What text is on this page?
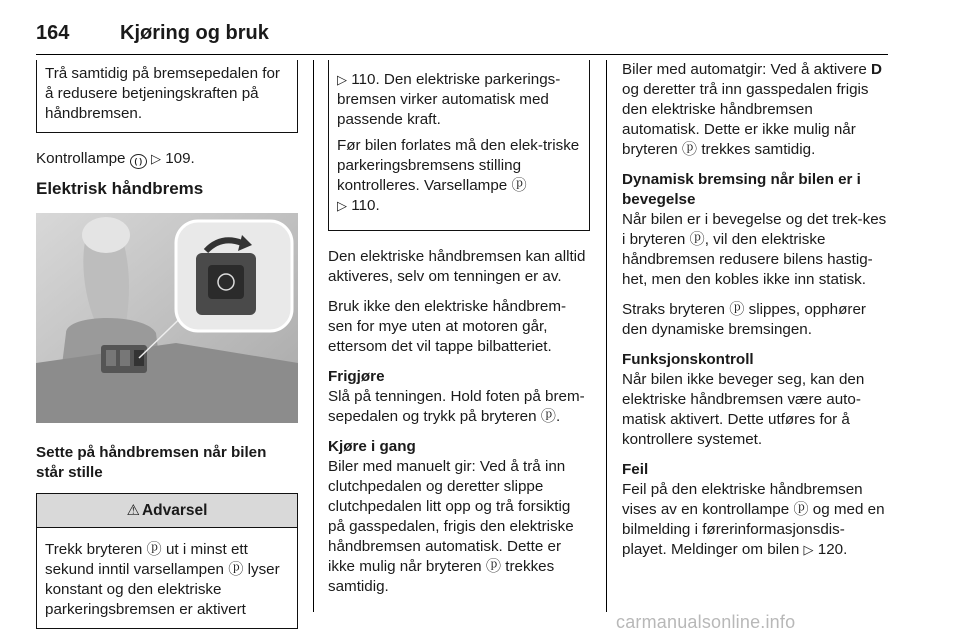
164	Kjøring og bruk
Trå samtidig på bremsepedalen for å redusere betjeningskraften på håndbremsen.

Kontrollampe ( ) ▷ 109.

Elektrisk håndbrems
Sette på håndbremsen når bilen står stille
⚠ Advarsel
Trekk bryteren ⓟ ut i minst ett sekund inntil varsellampen ⓟ lyser konstant og den elektriske parkeringsbremsen er aktivert

▷ 110. Den elektriske parkerings-bremsen virker automatisk med passende kraft.

Før bilen forlates må den elek-triske parkeringsbremsens stilling kontrolleres. Varsellampe ⓟ
▷ 110.

Den elektriske håndbremsen kan alltid aktiveres, selv om tenningen er av.

Bruk ikke den elektriske håndbrem-sen for mye uten at motoren går, ettersom det vil tappe bilbatteriet.

Frigjøre

Slå på tenningen. Hold foten på brem-sepedalen og trykk på bryteren ⓟ.

Kjøre i gang

Biler med manuelt gir: Ved å trå inn clutchpedalen og deretter slippe clutchpedalen litt opp og trå forsiktig på gasspedalen, frigis den elektriske håndbremsen automatisk. Dette er ikke mulig når bryteren ⓟ trekkes samtidig.

Biler med automatgir: Ved å aktivere D og deretter trå inn gasspedalen frigis den elektriske håndbremsen automatisk. Dette er ikke mulig når bryteren ⓟ trekkes samtidig.

Dynamisk bremsing når bilen er i bevegelse

Når bilen er i bevegelse og det trek-kes i bryteren ⓟ, vil den elektriske håndbremsen redusere bilens hastig-het, men den kobles ikke inn statisk.

Straks bryteren ⓟ slippes, opphører den dynamiske bremsingen.

Funksjonskontroll

Når bilen ikke beveger seg, kan den elektriske håndbremsen være auto-matisk aktivert. Dette utføres for å kontrollere systemet.

Feil

Feil på den elektriske håndbremsen vises av en kontrollampe ⓟ og med en bilmelding i førerinformasjonsdis-playet. Meldinger om bilen ▷ 120.

carmanualsonline.info
